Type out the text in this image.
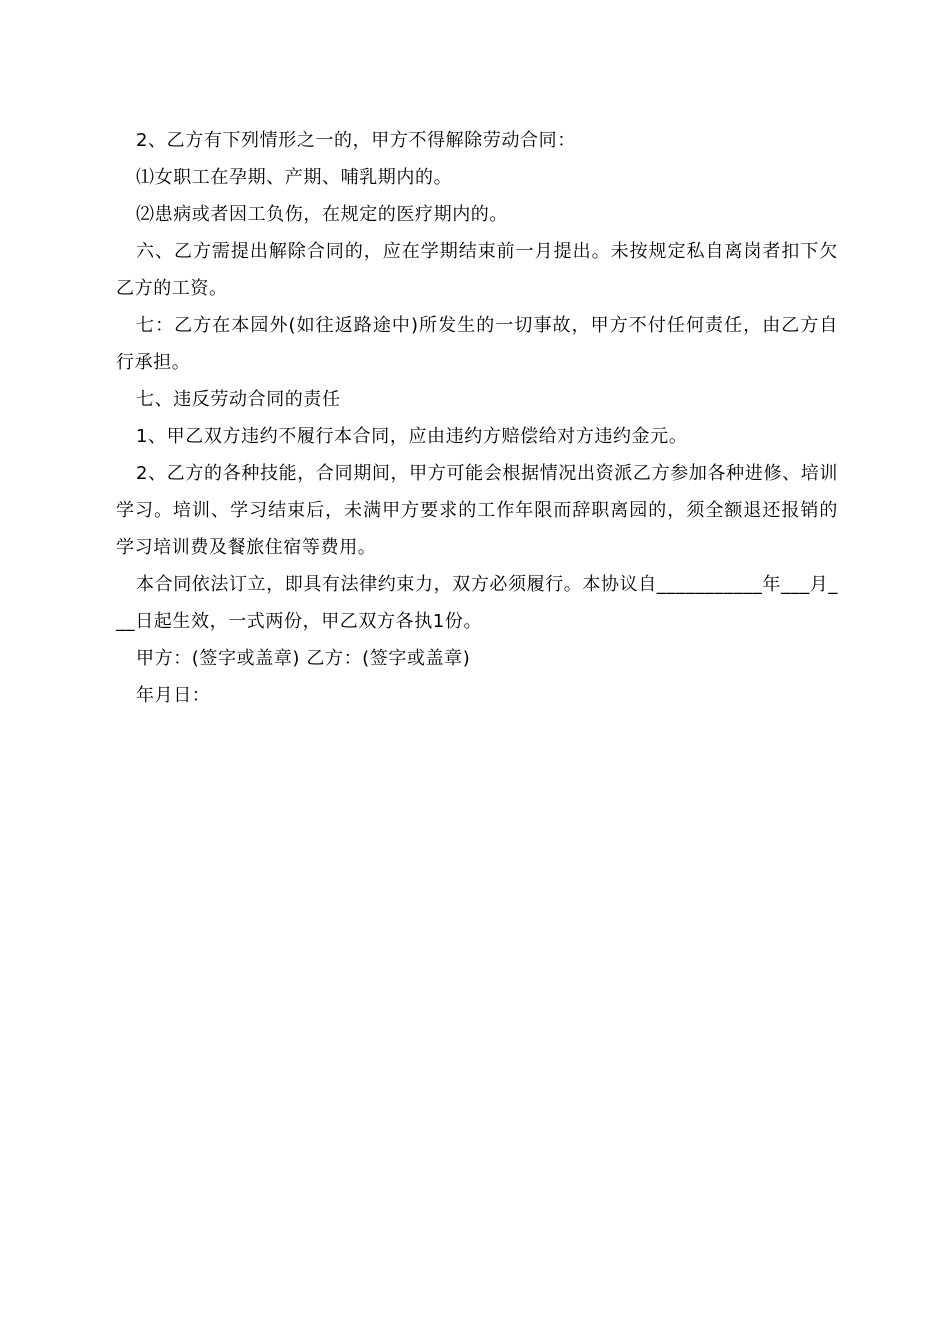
2、乙方有下列情形之一的，甲方不得解除劳动合同：

⑴女职工在孕期、产期、哺乳期内的。

⑵患病或者因工负伤，在规定的医疗期内的。

六、乙方需提出解除合同的，应在学期结束前一月提出。未按规定私自离岗者扣下欠乙方的工资。

七：乙方在本园外(如往返路途中)所发生的一切事故，甲方不付任何责任，由乙方自行承担。

七、违反劳动合同的责任

1、甲乙双方违约不履行本合同，应由违约方赔偿给对方违约金元。

2、乙方的各种技能，合同期间，甲方可能会根据情况出资派乙方参加各种进修、培训学习。培训、学习结束后，未满甲方要求的工作年限而辞职离园的，须全额退还报销的学习培训费及餐旅住宿等费用。

本合同依法订立，即具有法律约束力，双方必须履行。本协议自___________年___月___日起生效，一式两份，甲乙双方各执1份。

甲方：(签字或盖章) 乙方：(签字或盖章)

年月日：
